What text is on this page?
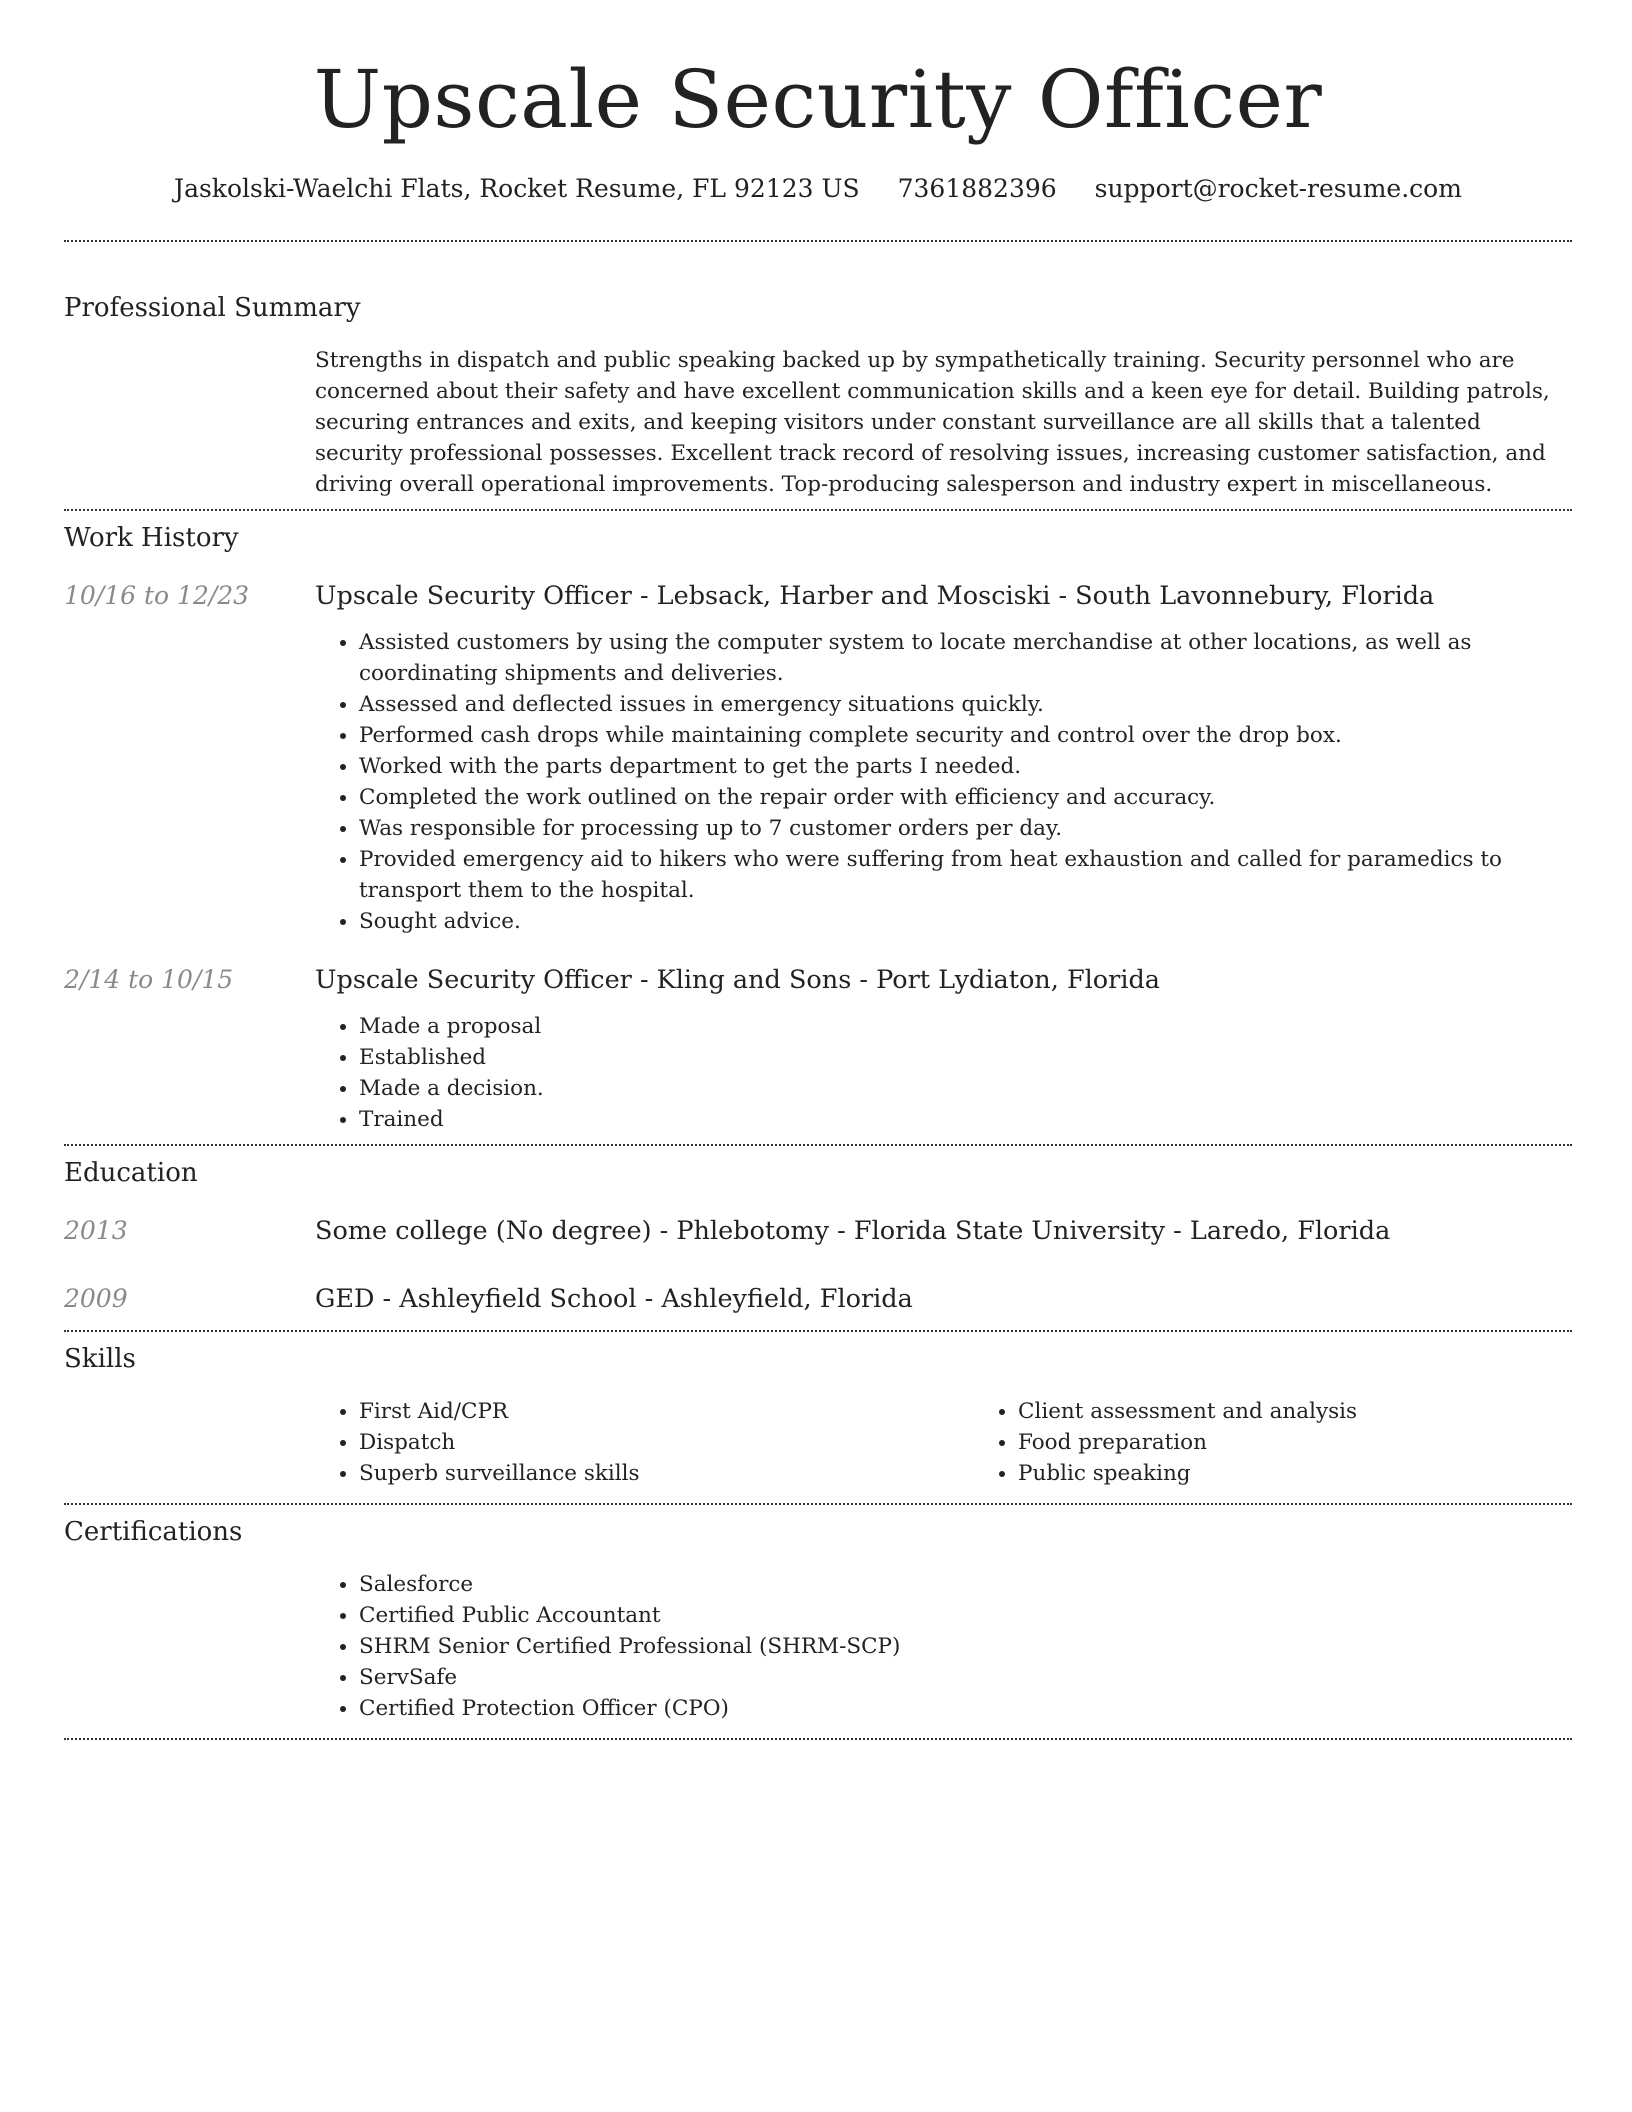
Upscale Security Officer
Jaskolski-Waelchi Flats, Rocket Resume, FL 92123 US 7361882396 support@rocket-resume.com
Professional Summary
Strengths in dispatch and public speaking backed up by sympathetically training. Security personnel who are concerned about their safety and have excellent communication skills and a keen eye for detail. Building patrols, securing entrances and exits, and keeping visitors under constant surveillance are all skills that a talented security professional possesses. Excellent track record of resolving issues, increasing customer satisfaction, and driving overall operational improvements. Top-producing salesperson and industry expert in miscellaneous.
Work History
10/16 to 12/23	Upscale Security Officer - Lebsack, Harber and Mosciski - South Lavonnebury, Florida
• Assisted customers by using the computer system to locate merchandise at other locations, as well as coordinating shipments and deliveries.
• Assessed and deflected issues in emergency situations quickly.
• Performed cash drops while maintaining complete security and control over the drop box.
• Worked with the parts department to get the parts I needed.
• Completed the work outlined on the repair order with efficiency and accuracy.
• Was responsible for processing up to 7 customer orders per day.
• Provided emergency aid to hikers who were suffering from heat exhaustion and called for paramedics to transport them to the hospital.
• Sought advice.
2/14 to 10/15	Upscale Security Officer - Kling and Sons - Port Lydiaton, Florida
• Made a proposal
• Established
• Made a decision.
• Trained
Education
2013	Some college (No degree) - Phlebotomy - Florida State University - Laredo, Florida
2009	GED - Ashleyfield School - Ashleyfield, Florida
Skills
• First Aid/CPR
• Dispatch
• Superb surveillance skills
• Client assessment and analysis
• Food preparation
• Public speaking
Certifications
• Salesforce
• Certified Public Accountant
• SHRM Senior Certified Professional (SHRM-SCP)
• ServSafe
• Certified Protection Officer (CPO)
